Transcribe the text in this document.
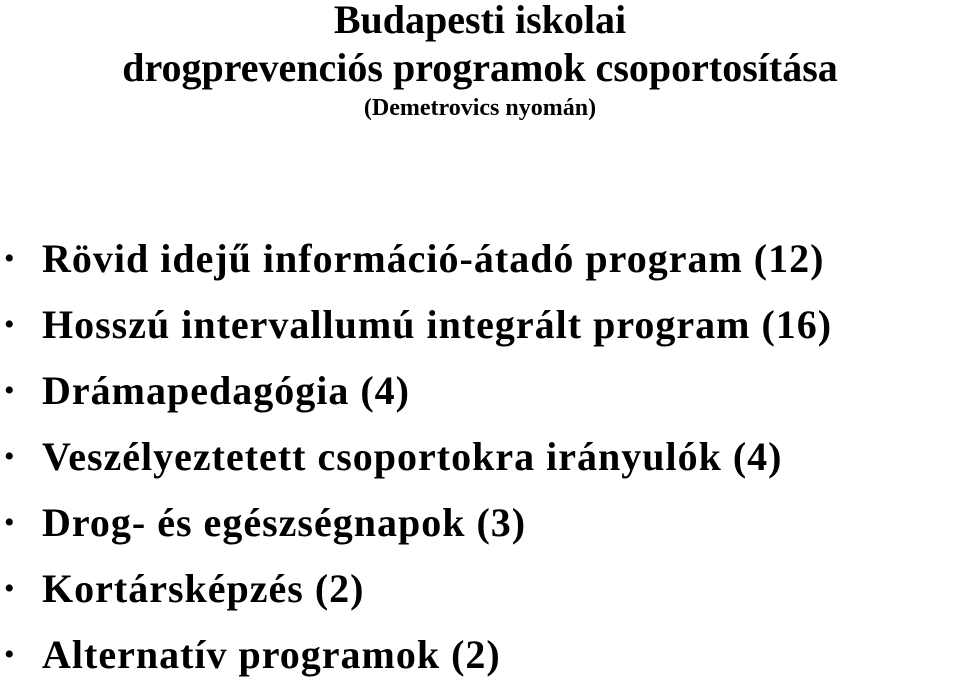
Budapesti iskolai
drogprevenciós programok csoportosítása
(Demetrovics nyomán)
• Rövid idejű információ-átadó program (12)
• Hosszú intervallumú integrált program (16)
• Drámapedagógia (4)
• Veszélyeztetett csoportokra irányulók (4)
• Drog- és egészségnapok (3)
• Kortársképzés (2)
• Alternatív programok (2)
